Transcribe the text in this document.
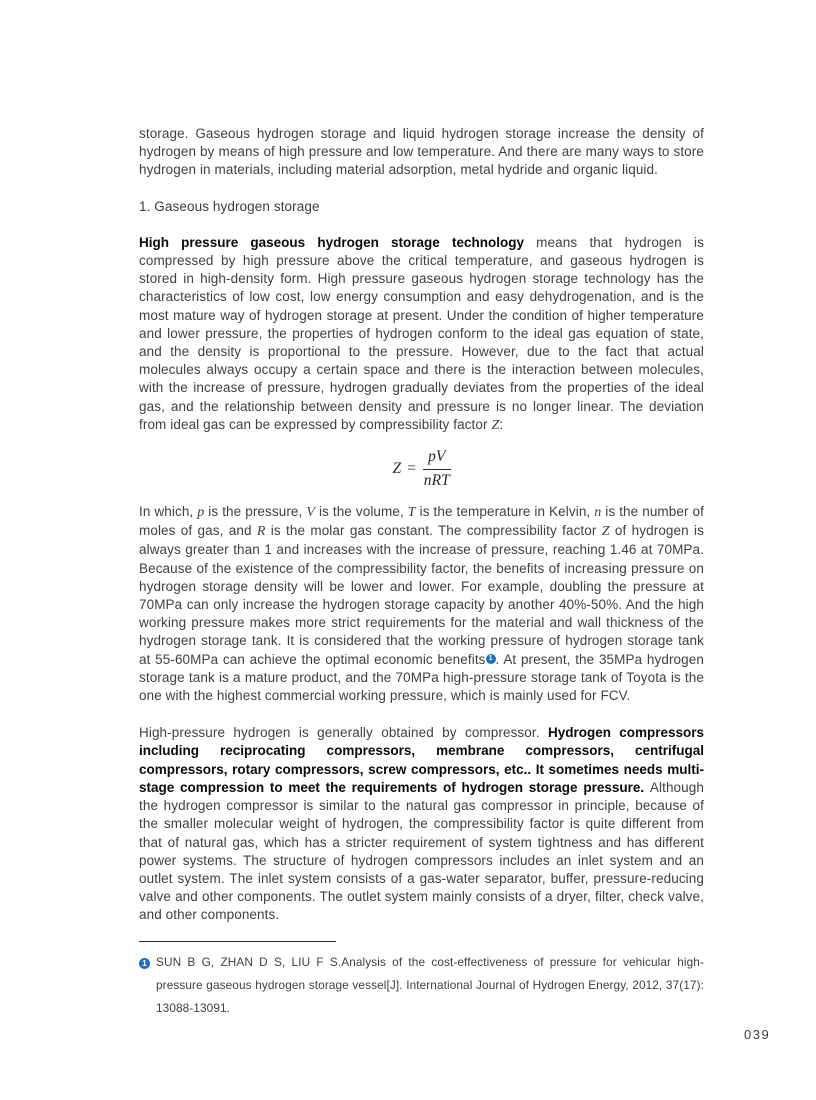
storage. Gaseous hydrogen storage and liquid hydrogen storage increase the density of hydrogen by means of high pressure and low temperature. And there are many ways to store hydrogen in materials, including material adsorption, metal hydride and organic liquid.

1. Gaseous hydrogen storage

High pressure gaseous hydrogen storage technology means that hydrogen is compressed by high pressure above the critical temperature, and gaseous hydrogen is stored in high-density form. High pressure gaseous hydrogen storage technology has the characteristics of low cost, low energy consumption and easy dehydrogenation, and is the most mature way of hydrogen storage at present. Under the condition of higher temperature and lower pressure, the properties of hydrogen conform to the ideal gas equation of state, and the density is proportional to the pressure. However, due to the fact that actual molecules always occupy a certain space and there is the interaction between molecules, with the increase of pressure, hydrogen gradually deviates from the properties of the ideal gas, and the relationship between density and pressure is no longer linear. The deviation from ideal gas can be expressed by compressibility factor Z:

$Z = \frac{pV}{\text{nRT}}$

In which, p is the pressure, V is the volume, T is the temperature in Kelvin, n is the number of moles of gas, and R is the molar gas constant. The compressibility factor Z of hydrogen is always greater than 1 and increases with the increase of pressure, reaching 1.46 at 70MPa. Because of the existence of the compressibility factor, the benefits of increasing pressure on hydrogen storage density will be lower and lower. For example, doubling the pressure at 70MPa can only increase the hydrogen storage capacity by another 40%-50%. And the high working pressure makes more strict requirements for the material and wall thickness of the hydrogen storage tank. It is considered that the working pressure of hydrogen storage tank at 55-60MPa can achieve the optimal economic benefits 1 . At present, the 35MPa hydrogen storage tank is a mature product, and the 70MPa high-pressure storage tank of Toyota is the one with the highest commercial working pressure, which is mainly used for FCV.

High-pressure hydrogen is generally obtained by compressor. Hydrogen compressors including reciprocating compressors, membrane compressors, centrifugal compressors, rotary compressors, screw compressors, etc.. It sometimes needs multi-stage compression to meet the requirements of hydrogen storage pressure. Although the hydrogen compressor is similar to the natural gas compressor in principle, because of the smaller molecular weight of hydrogen, the compressibility factor is quite different from that of natural gas, which has a stricter requirement of system tightness and has different power systems. The structure of hydrogen compressors includes an inlet system and an outlet system. The inlet system consists of a gas-water separator, buffer, pressure-reducing valve and other components. The outlet system mainly consists of a dryer, filter, check valve, and other components.

1 SUN B G, ZHAN D S, LIU F S.Analysis of the cost-effectiveness of pressure for vehicular high-pressure gaseous hydrogen storage vessel[J]. International Journal of Hydrogen Energy, 2012, 37(17): 13088-13091.
039
